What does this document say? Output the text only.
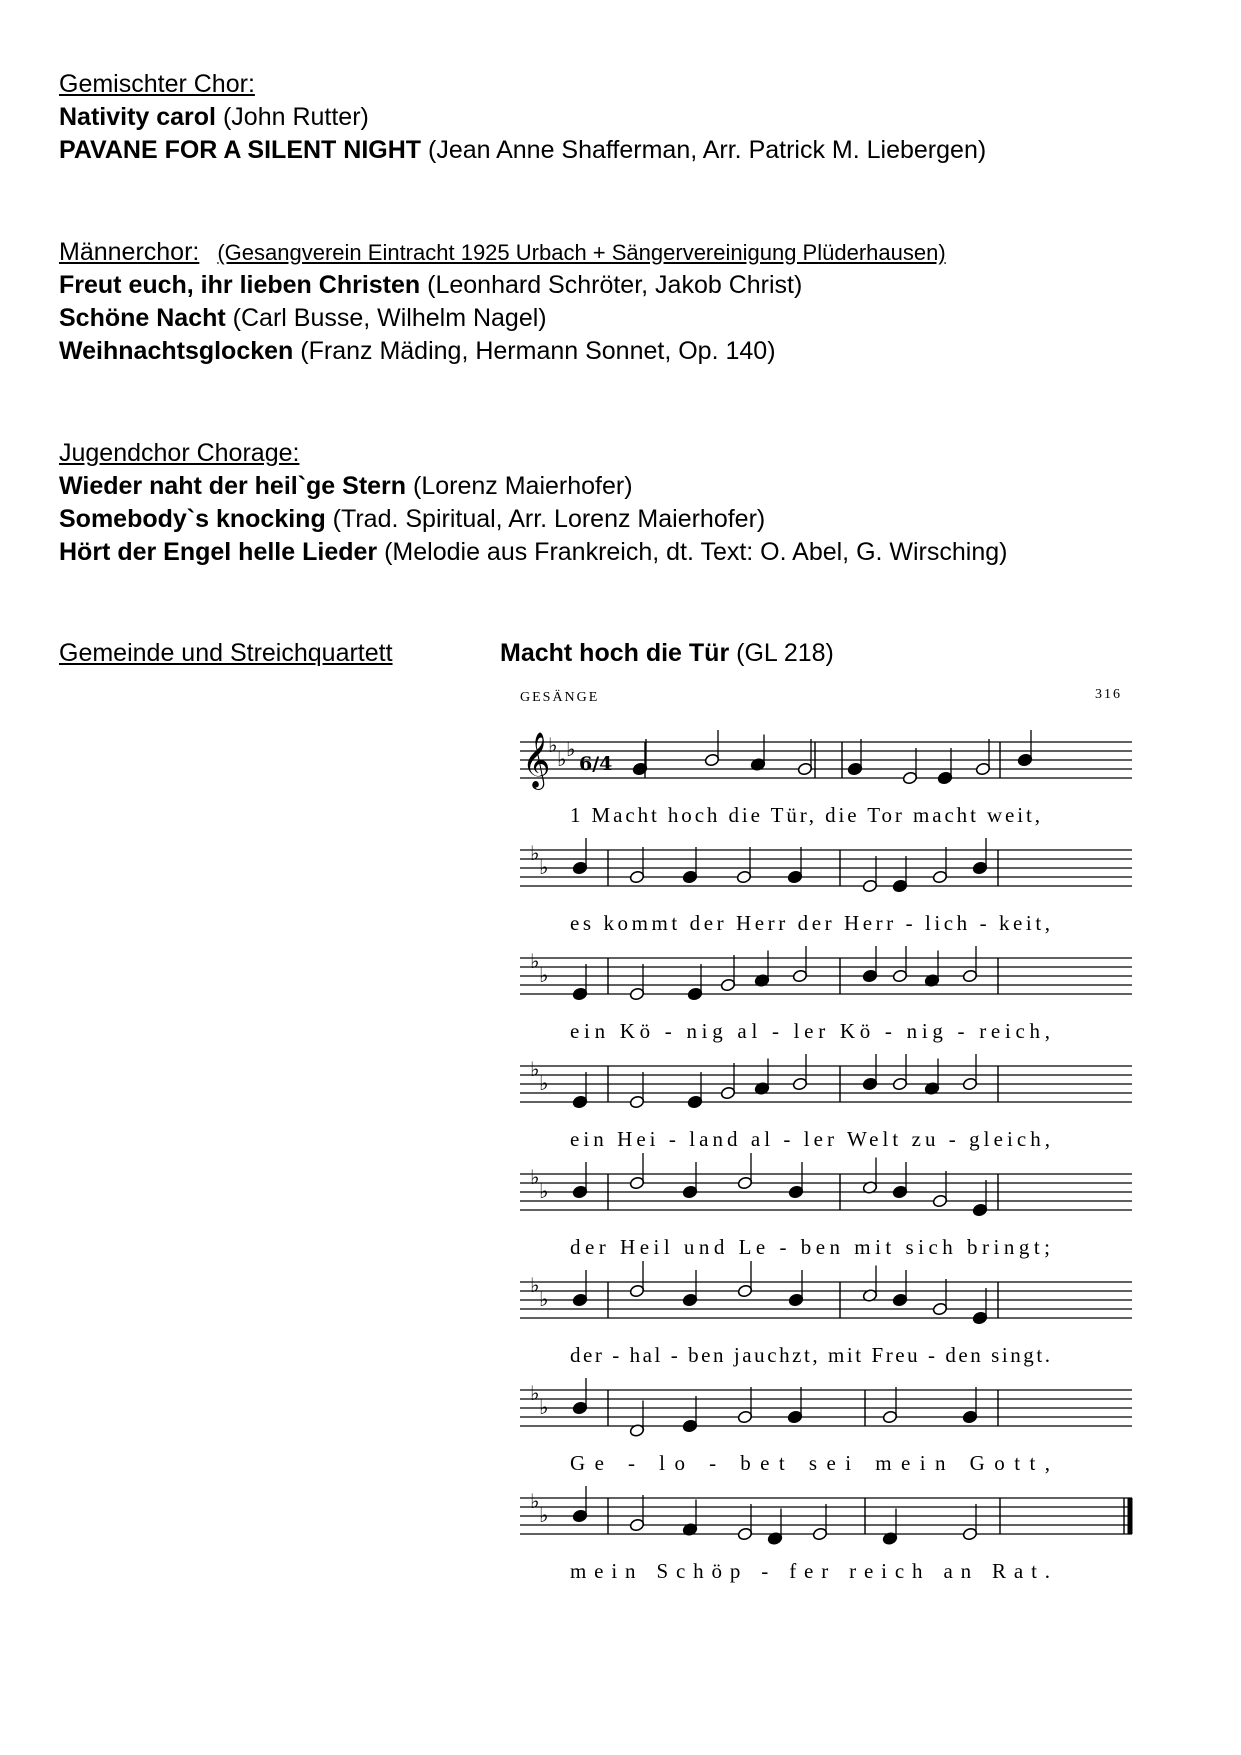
Gemischter Chor:
Nativity carol (John Rutter)
PAVANE FOR A SILENT NIGHT (Jean Anne Shafferman, Arr. Patrick M. Liebergen)
Männerchor: (Gesangverein Eintracht 1925 Urbach + Sängervereinigung Plüderhausen)
Freut euch, ihr lieben Christen (Leonhard Schröter, Jakob Christ)
Schöne Nacht (Carl Busse, Wilhelm Nagel)
Weihnachtsglocken (Franz Mäding, Hermann Sonnet, Op. 140)
Jugendchor Chorage:
Wieder naht der heil`ge Stern (Lorenz Maierhofer)
Somebody`s knocking (Trad. Spiritual, Arr. Lorenz Maierhofer)
Hört der Engel helle Lieder (Melodie aus Frankreich, dt. Text: O. Abel, G. Wirsching)
Gemeinde und Streichquartett	Macht hoch die Tür (GL 218)
GESÄNGE	316
𝄞
♭
♭ ♭
6/4
1 Macht hoch die Tür, die Tor macht weit,
♭
♭
es kommt der Herr der Herr - lich - keit,
♭
♭
ein Kö - nig al - ler Kö - nig - reich,
♭
♭
ein Hei - land al - ler Welt zu - gleich,
♭
♭
der Heil und Le - ben mit sich bringt;
♭
♭
der - hal - ben jauchzt, mit Freu - den singt.
♭
♭
Ge - lo - bet sei mein Gott,
♭
♭
mein Schöp - fer reich an Rat.
